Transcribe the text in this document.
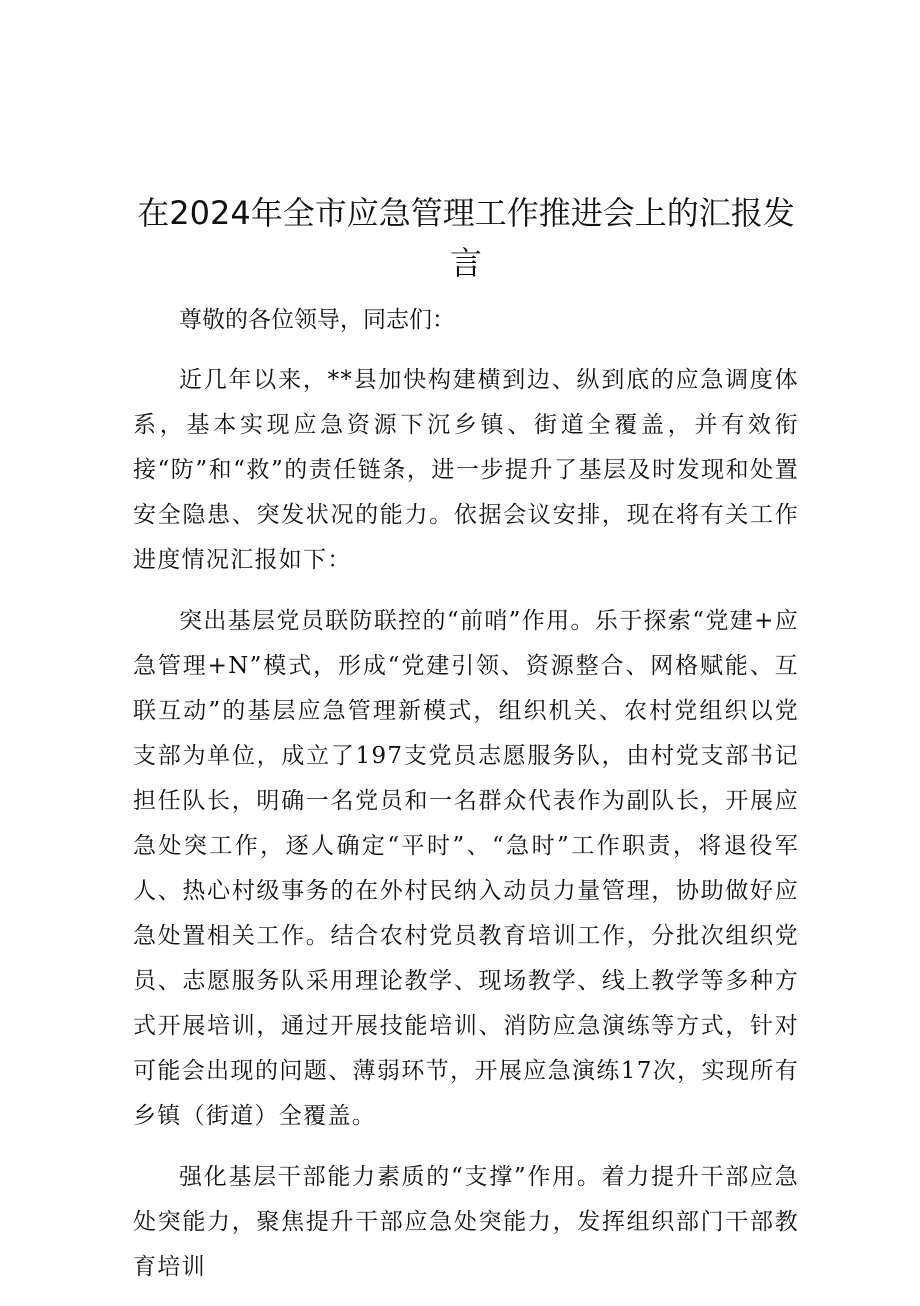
在2024年全市应急管理工作推进会上的汇报发言

尊敬的各位领导，同志们：

近几年以来，**县加快构建横到边、纵到底的应急调度体系，基本实现应急资源下沉乡镇、街道全覆盖，并有效衔接“防”和“救”的责任链条，进一步提升了基层及时发现和处置安全隐患、突发状况的能力。依据会议安排，现在将有关工作进度情况汇报如下：

突出基层党员联防联控的“前哨”作用。乐于探索“党建+应急管理+N”模式，形成“党建引领、资源整合、网格赋能、互联互动”的基层应急管理新模式，组织机关、农村党组织以党支部为单位，成立了197支党员志愿服务队，由村党支部书记担任队长，明确一名党员和一名群众代表作为副队长，开展应急处突工作，逐人确定“平时”、“急时”工作职责，将退役军人、热心村级事务的在外村民纳入动员力量管理，协助做好应急处置相关工作。结合农村党员教育培训工作，分批次组织党员、志愿服务队采用理论教学、现场教学、线上教学等多种方式开展培训，通过开展技能培训、消防应急演练等方式，针对可能会出现的问题、薄弱环节，开展应急演练17次，实现所有乡镇（街道）全覆盖。

强化基层干部能力素质的“支撑”作用。着力提升干部应急处突能力，聚焦提升干部应急处突能力，发挥组织部门干部教育培训
